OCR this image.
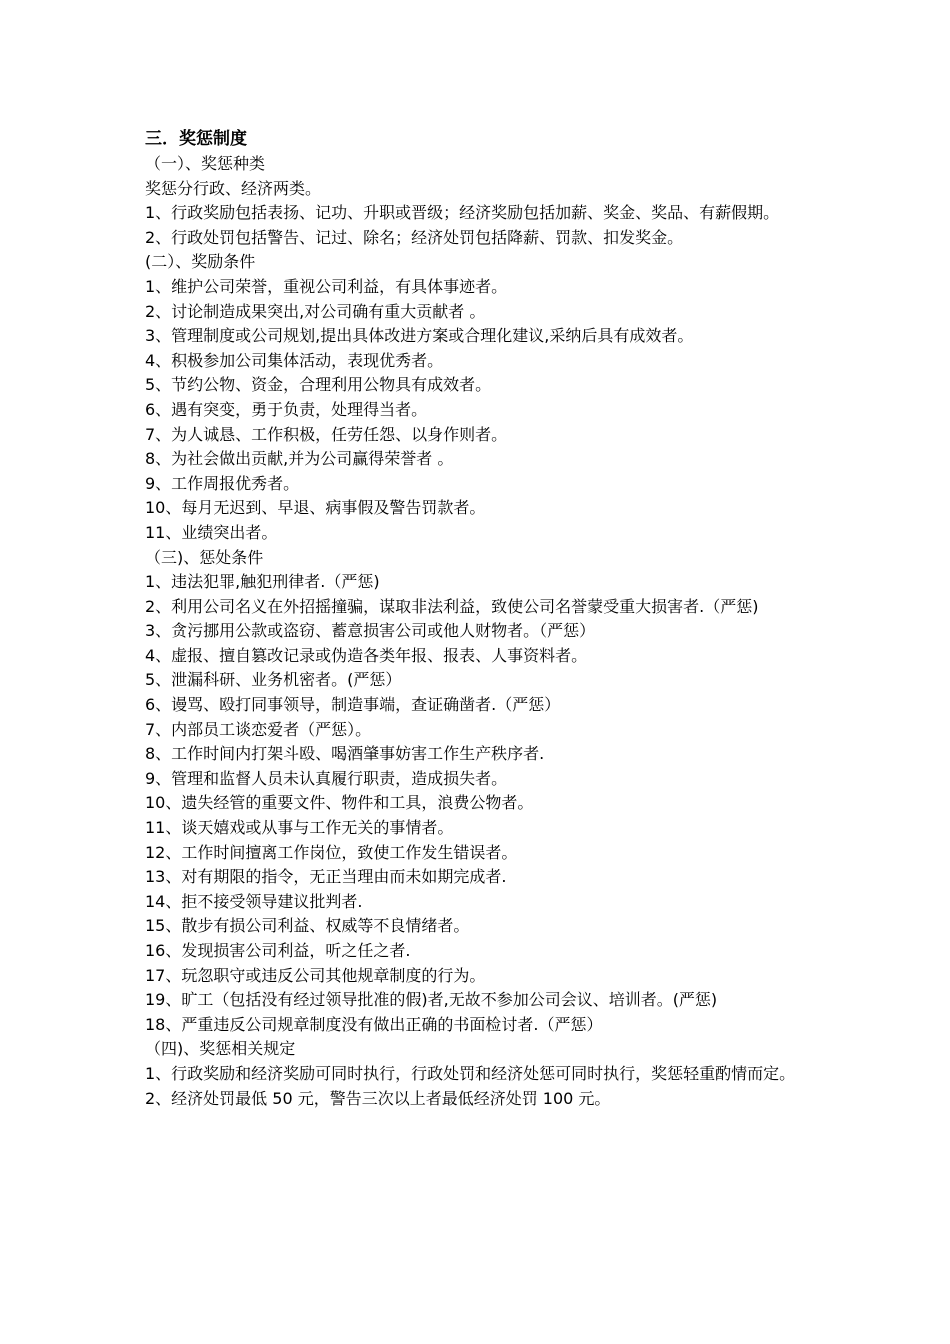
三．奖惩制度

（一）、奖惩种类

奖惩分行政、经济两类。

1、行政奖励包括表扬、记功、升职或晋级；经济奖励包括加薪、奖金、奖品、有薪假期。

2、行政处罚包括警告、记过、除名；经济处罚包括降薪、罚款、扣发奖金。

(二）、奖励条件

1、维护公司荣誉，重视公司利益，有具体事迹者。

2、讨论制造成果突出,对公司确有重大贡献者 。

3、管理制度或公司规划,提出具体改进方案或合理化建议,采纳后具有成效者。

4、积极参加公司集体活动，表现优秀者。

5、节约公物、资金，合理利用公物具有成效者。

6、遇有突变，勇于负责，处理得当者。

7、为人诚恳、工作积极，任劳任怨、以身作则者。

8、为社会做出贡献,并为公司赢得荣誉者 。

9、工作周报优秀者。

10、每月无迟到、早退、病事假及警告罚款者。

11、业绩突出者。

（三)、惩处条件

1、违法犯罪,触犯刑律者.（严惩)

2、利用公司名义在外招摇撞骗，谋取非法利益，致使公司名誉蒙受重大损害者.（严惩)

3、贪污挪用公款或盗窃、蓄意损害公司或他人财物者。（严惩）

4、虚报、擅自篡改记录或伪造各类年报、报表、人事资料者。

5、泄漏科研、业务机密者。(严惩）

6、谩骂、殴打同事领导，制造事端，查证确凿者.（严惩）

7、内部员工谈恋爱者（严惩）。

8、工作时间内打架斗殴、喝酒肇事妨害工作生产秩序者.

9、管理和监督人员未认真履行职责，造成损失者。

10、遗失经管的重要文件、物件和工具，浪费公物者。

11、谈天嬉戏或从事与工作无关的事情者。

12、工作时间擅离工作岗位，致使工作发生错误者。

13、对有期限的指令，无正当理由而未如期完成者.

14、拒不接受领导建议批判者.

15、散步有损公司利益、权威等不良情绪者。

16、发现损害公司利益，听之任之者.

17、玩忽职守或违反公司其他规章制度的行为。

19、旷工（包括没有经过领导批准的假)者,无故不参加公司会议、培训者。(严惩)

18、严重违反公司规章制度没有做出正确的书面检讨者.（严惩）

（四)、奖惩相关规定

1、行政奖励和经济奖励可同时执行，行政处罚和经济处惩可同时执行，奖惩轻重酌情而定。

2、经济处罚最低 50 元，警告三次以上者最低经济处罚 100 元。
